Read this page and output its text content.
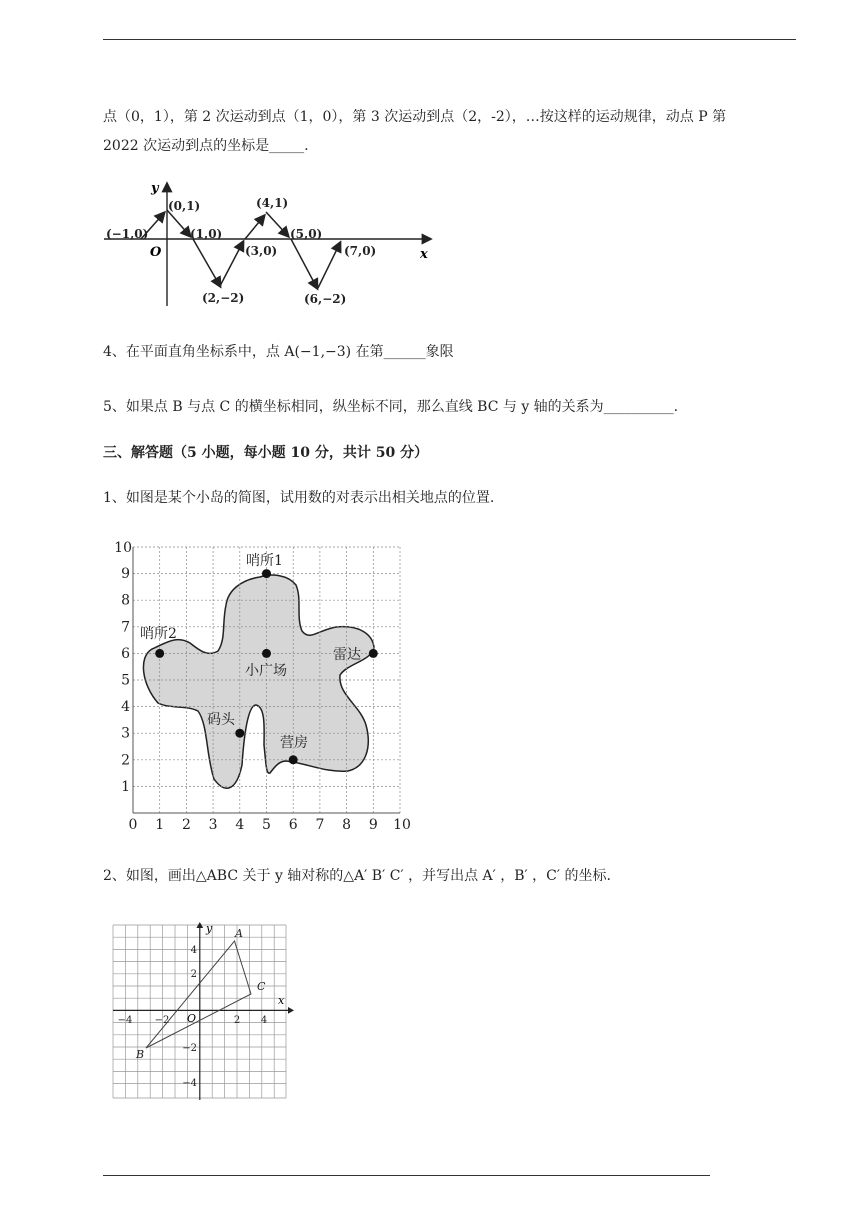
点（0，1），第 2 次运动到点（1，0），第 3 次运动到点（2，-2），…按这样的运动规律，动点 P 第
2022 次运动到点的坐标是_____.
y
x
O
(−1,0)
(0,1)
(1,0)
(2,−2)
(3,0)
(4,1)
(5,0)
(6,−2)
(7,0)
4、在平面直角坐标系中，点 A(−1,−3) 在第______象限
5、如果点 B 与点 C 的横坐标相同，纵坐标不同，那么直线 BC 与 y 轴的关系为__________.
三、解答题（5 小题，每小题 10 分，共计 50 分）
1、如图是某个小岛的简图，试用数的对表示出相关地点的位置.
0 1 2 3 4 5 6 7 8 9 10
1
2
3
4
5
6
7
8
9
10
哨所1
哨所2
小广场
雷达
码头
营房
2、如图，画出△ABC 关于 y 轴对称的△A′ B′ C′ ，并写出点 A′ ，B′ ，C′ 的坐标.
y
x
O
−4 −2	2 4
4
2
−2
−4
A
B
C
